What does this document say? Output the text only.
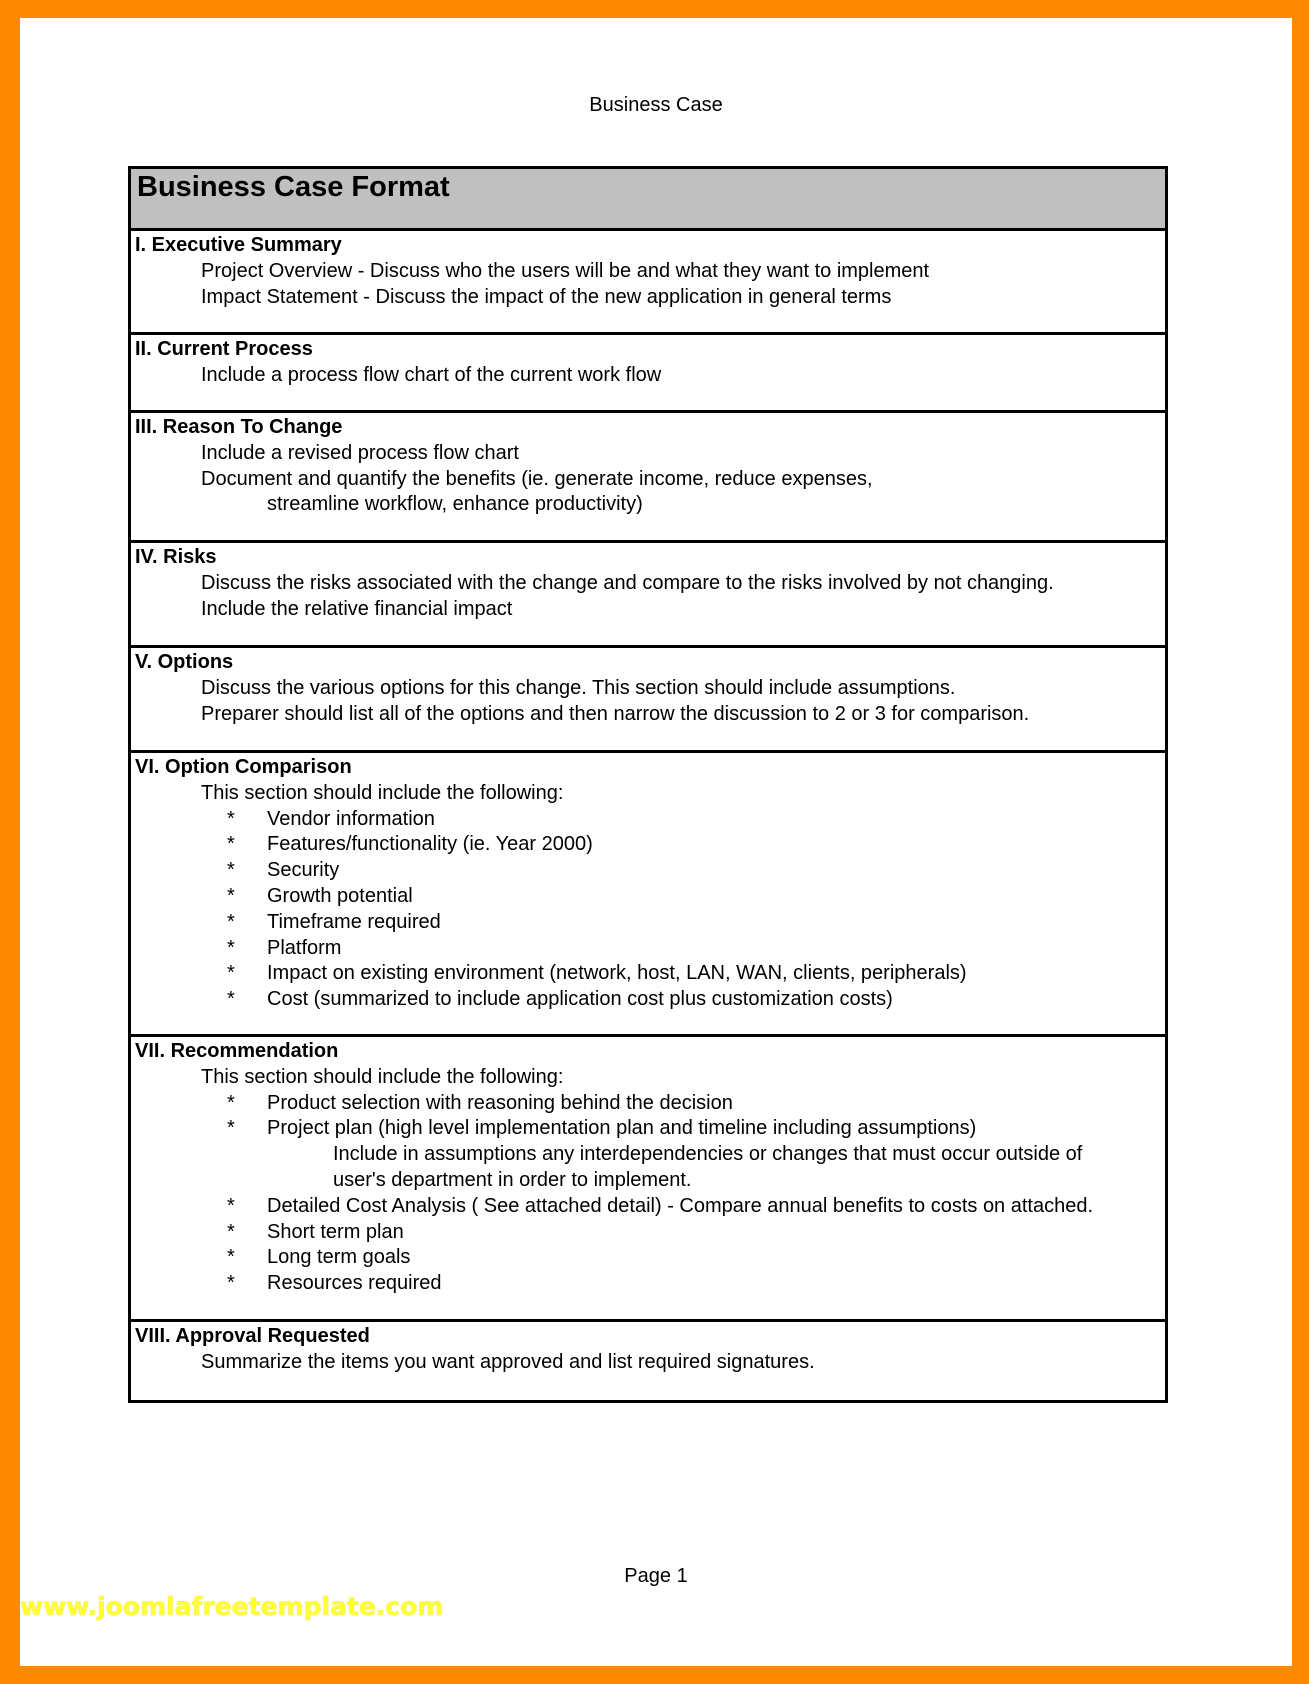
Business Case
Business Case Format
I. Executive Summary
Project Overview - Discuss who the users will be and what they want to implement
Impact Statement - Discuss the impact of the new application in general terms
II. Current Process
Include a process flow chart of the current work flow
III. Reason To Change
Include a revised process flow chart
Document and quantify the benefits (ie. generate income, reduce expenses,
streamline workflow, enhance productivity)
IV. Risks
Discuss the risks associated with the change and compare to the risks involved by not changing.
Include the relative financial impact
V. Options
Discuss the various options for this change. This section should include assumptions.
Preparer should list all of the options and then narrow the discussion to 2 or 3 for comparison.
VI. Option Comparison
This section should include the following:
* Vendor information
* Features/functionality (ie. Year 2000)
* Security
* Growth potential
* Timeframe required
* Platform
* Impact on existing environment (network, host, LAN, WAN, clients, peripherals)
* Cost (summarized to include application cost plus customization costs)
VII. Recommendation
This section should include the following:
* Product selection with reasoning behind the decision
* Project plan (high level implementation plan and timeline including assumptions)
Include in assumptions any interdependencies or changes that must occur outside of
user's department in order to implement.
* Detailed Cost Analysis ( See attached detail) - Compare annual benefits to costs on attached.
* Short term plan
* Long term goals
* Resources required
VIII. Approval Requested
Summarize the items you want approved and list required signatures.
Page 1
www.joomlafreetemplate.com
